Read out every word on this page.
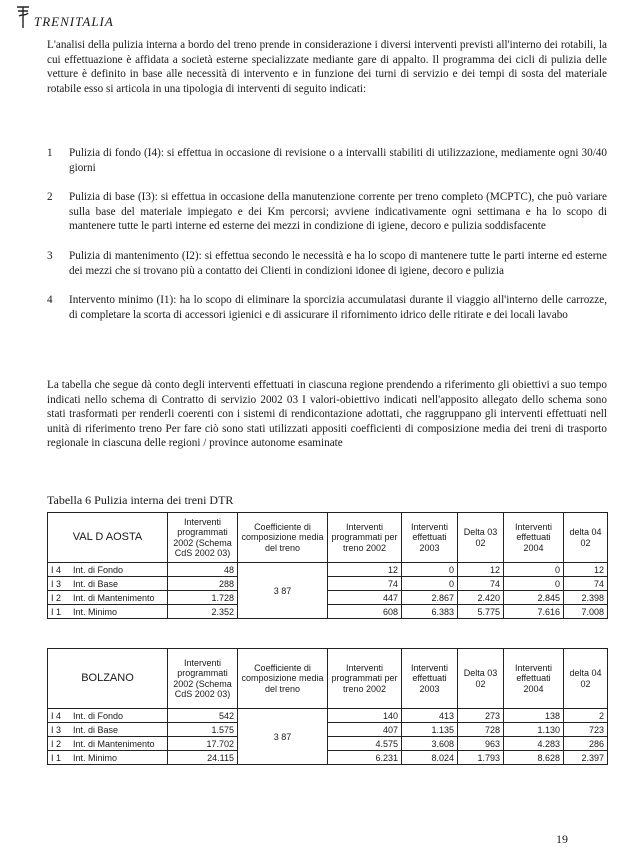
TRENITALIA

L'analisi della pulizia interna a bordo del treno prende in considerazione i diversi interventi previsti all'interno dei rotabili, la cui effettuazione è affidata a società esterne specializzate mediante gare di appalto. Il programma dei cicli di pulizia delle vetture è definito in base alle necessità di intervento e in funzione dei turni di servizio e dei tempi di sosta del materiale rotabile esso si articola in una tipologia di interventi di seguito indicati:

1 Pulizia di fondo (I4): si effettua in occasione di revisione o a intervalli stabiliti di utilizzazione, mediamente ogni 30/40 giorni
2 Pulizia di base (I3): si effettua in occasione della manutenzione corrente per treno completo (MCPTC), che può variare sulla base del materiale impiegato e dei Km percorsi; avviene indicativamente ogni settimana e ha lo scopo di mantenere tutte le parti interne ed esterne dei mezzi in condizione di igiene, decoro e pulizia soddisfacente
3 Pulizia di mantenimento (I2): si effettua secondo le necessità e ha lo scopo di mantenere tutte le parti interne ed esterne dei mezzi che si trovano più a contatto dei Clienti in condizioni idonee di igiene, decoro e pulizia
4 Intervento minimo (I1): ha lo scopo di eliminare la sporcizia accumulatasi durante il viaggio all'interno delle carrozze, di completare la scorta di accessori igienici e di assicurare il rifornimento idrico delle ritirate e dei locali lavabo

La tabella che segue dà conto degli interventi effettuati in ciascuna regione prendendo a riferimento gli obiettivi a suo tempo indicati nello schema di Contratto di servizio 2002 03 I valori-obiettivo indicati nell'apposito allegato dello schema sono stati trasformati per renderli coerenti con i sistemi di rendicontazione adottati, che raggruppano gli interventi effettuati nell unità di riferimento treno Per fare ciò sono stati utilizzati appositi coefficienti di composizione media dei treni di trasporto regionale in ciascuna delle regioni / province autonome esaminate

Tabella 6 Pulizia interna dei treni DTR

VAL D AOSTA	Interventi programmati 2002 (Schema CdS 2002 03)	Coefficiente di composizione media del treno	Interventi programmati per treno 2002	Interventi effettuati 2003	Delta 03 02	Interventi effettuati 2004	delta 04 02
I 4 Int. di Fondo	48	3 87	12	0	12	0	12
I 3 Int. di Base	288		74	0	74	0	74
I 2 Int. di Mantenimento	1.728		447	2.867	2.420	2.845	2.398
I 1 Int. Minimo	2.352		608	6.383	5.775	7.616	7.008
BOLZANO	Interventi programmati 2002 (Schema CdS 2002 03)	Coefficiente di composizione media del treno	Interventi programmati per treno 2002	Interventi effettuati 2003	Delta 03 02	Interventi effettuati 2004	delta 04 02
I 4 Int. di Fondo	542	3 87	140	413	273	138	2
I 3 Int. di Base	1.575		407	1.135	728	1.130	723
I 2 Int. di Mantenimento	17.702		4.575	3.608	963	4.283	286
I 1 Int. Minimo	24.115		6.231	8.024	1.793	8.628	2.397
19
